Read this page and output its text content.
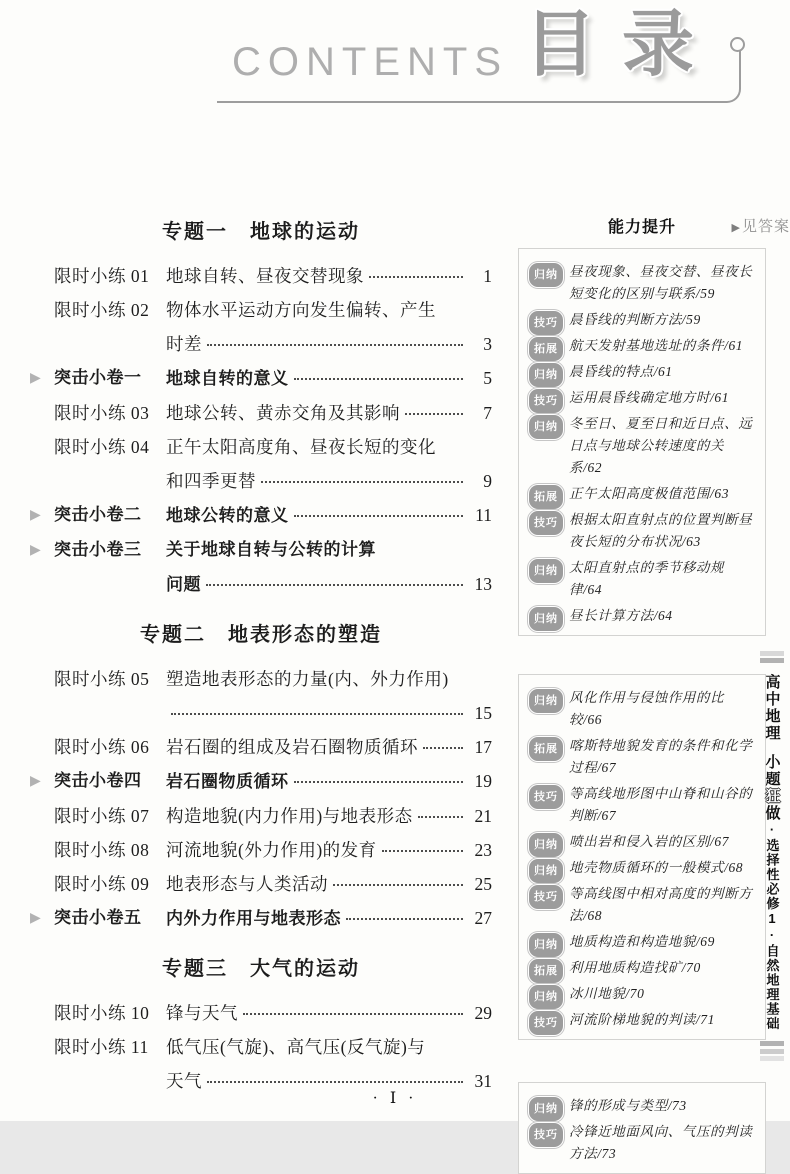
CONTENTS 目 录
专题一　地球的运动
限时小练 01 地球自转、昼夜交替现象	1
限时小练 02 物体水平运动方向发生偏转、产生
时差	3
▶ 突击小卷一	地球自转的意义	5
限时小练 03 地球公转、黄赤交角及其影响	7
限时小练 04 正午太阳高度角、昼夜长短的变化
和四季更替	9
▶ 突击小卷二	地球公转的意义	11
▶ 突击小卷三	关于地球自转与公转的计算
问题	13
专题二　地表形态的塑造
限时小练 05 塑造地表形态的力量(内、外力作用)
15
限时小练 06 岩石圈的组成及岩石圈物质循环	17
▶ 突击小卷四	岩石圈物质循环	19
限时小练 07 构造地貌(内力作用)与地表形态	21
限时小练 08 河流地貌(外力作用)的发育	23
限时小练 09 地表形态与人类活动	25
▶ 突击小卷五	内外力作用与地表形态	27
专题三　大气的运动
限时小练 10 锋与天气	29
限时小练 11 低气压(气旋)、高气压(反气旋)与
天气	31
能力提升	▶见答案
归纳 昼夜现象、昼夜交替、昼夜长短变化的区别与联系/59
技巧 晨昏线的判断方法/59
拓展 航天发射基地选址的条件/61
归纳 晨昏线的特点/61
技巧 运用晨昏线确定地方时/61
归纳 冬至日、夏至日和近日点、远日点与地球公转速度的关系/62
拓展 正午太阳高度极值范围/63
技巧 根据太阳直射点的位置判断昼夜长短的分布状况/63
归纳 太阳直射点的季节移动规律/64
归纳 昼长计算方法/64
归纳 风化作用与侵蚀作用的比较/66
拓展 喀斯特地貌发育的条件和化学过程/67
技巧 等高线地形图中山脊和山谷的判断/67
归纳 喷出岩和侵入岩的区别/67
归纳 地壳物质循环的一般模式/68
技巧 等高线图中相对高度的判断方法/68
归纳 地质构造和构造地貌/69
拓展 利用地质构造找矿/70
归纳 冰川地貌/70
技巧 河流阶梯地貌的判读/71
归纳 锋的形成与类型/73
技巧 冷锋近地面风向、气压的判读方法/73
高中地理小题狂做·选择性必修1·自然地理基础
· Ⅰ ·
